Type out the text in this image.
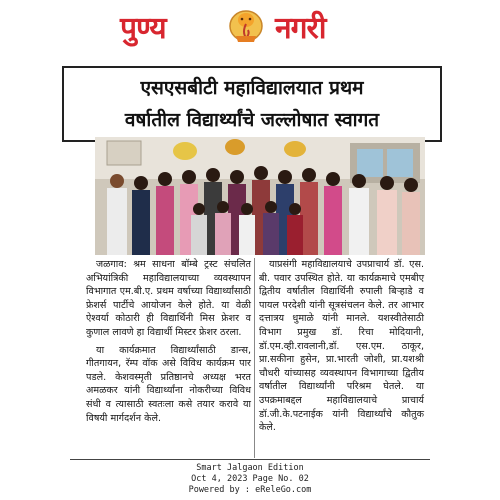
पुण्य	नगरी
एसएसबीटी महाविद्यालयात प्रथम
वर्षातील विद्यार्थ्यांचे जल्लोषात स्वागत

जळगाव: श्रम साधना बॉम्बे ट्रस्ट संचलित अभियांत्रिकी महाविद्यालयाच्या व्यवस्थापन विभागात एम.बी.ए. प्रथम वर्षाच्या विद्यार्थ्यांसाठी फ्रेशर्स पार्टीचे आयोजन केले होते. या वेळी ऐश्वर्या कोठारी ही विद्यार्थिनी मिस फ्रेशर व कुणाल लावणे हा विद्यार्थी मिस्टर फ्रेशर ठरला.

या कार्यक्रमात विद्यार्थ्यांसाठी डान्स, गीतगायन, रॅम्प वॉक असे विविध कार्यक्रम पार पडले. केशवस्मृती प्रतिष्ठानचे अध्यक्ष भरत अमळकर यांनी विद्यार्थ्यांना नोकरीच्या विविध संधी व त्यासाठी स्वतःला कसे तयार करावे या विषयी मार्गदर्शन केले.

याप्रसंगी महाविद्यालयाचे उपप्राचार्य डॉ. एस. बी. पवार उपस्थित होते. या कार्यक्रमाचे एमबीए द्वितीय वर्षातील विद्यार्थिनी रुपाली बिऱ्हाडे व पायल परदेशी यांनी सूत्रसंचलन केले. तर आभार दत्तात्रय धुमाळे यांनी मानले. यशस्वीतेसाठी विभाग प्रमुख डॉ. रिचा मोदियानी, डॉ.एम.व्ही.रावलानी,डॉ. एस.एम. ठाकूर, प्रा.सकीना हुसेन, प्रा.भारती जोशी, प्रा.यशश्री चौधरी यांच्यासह व्यवस्थापन विभागाच्या द्वितीय वर्षातील विद्यार्थ्यांनी परिश्रम घेतले. या उपक्रमाबद्दल महाविद्यालयाचे प्राचार्य डॉ.जी.के.पटनाईक यांनी विद्यार्थ्यांचे कौतुक केले.

Smart Jalgaon Edition
Oct 4, 2023 Page No. 02
Powered by : eReleGo.com
